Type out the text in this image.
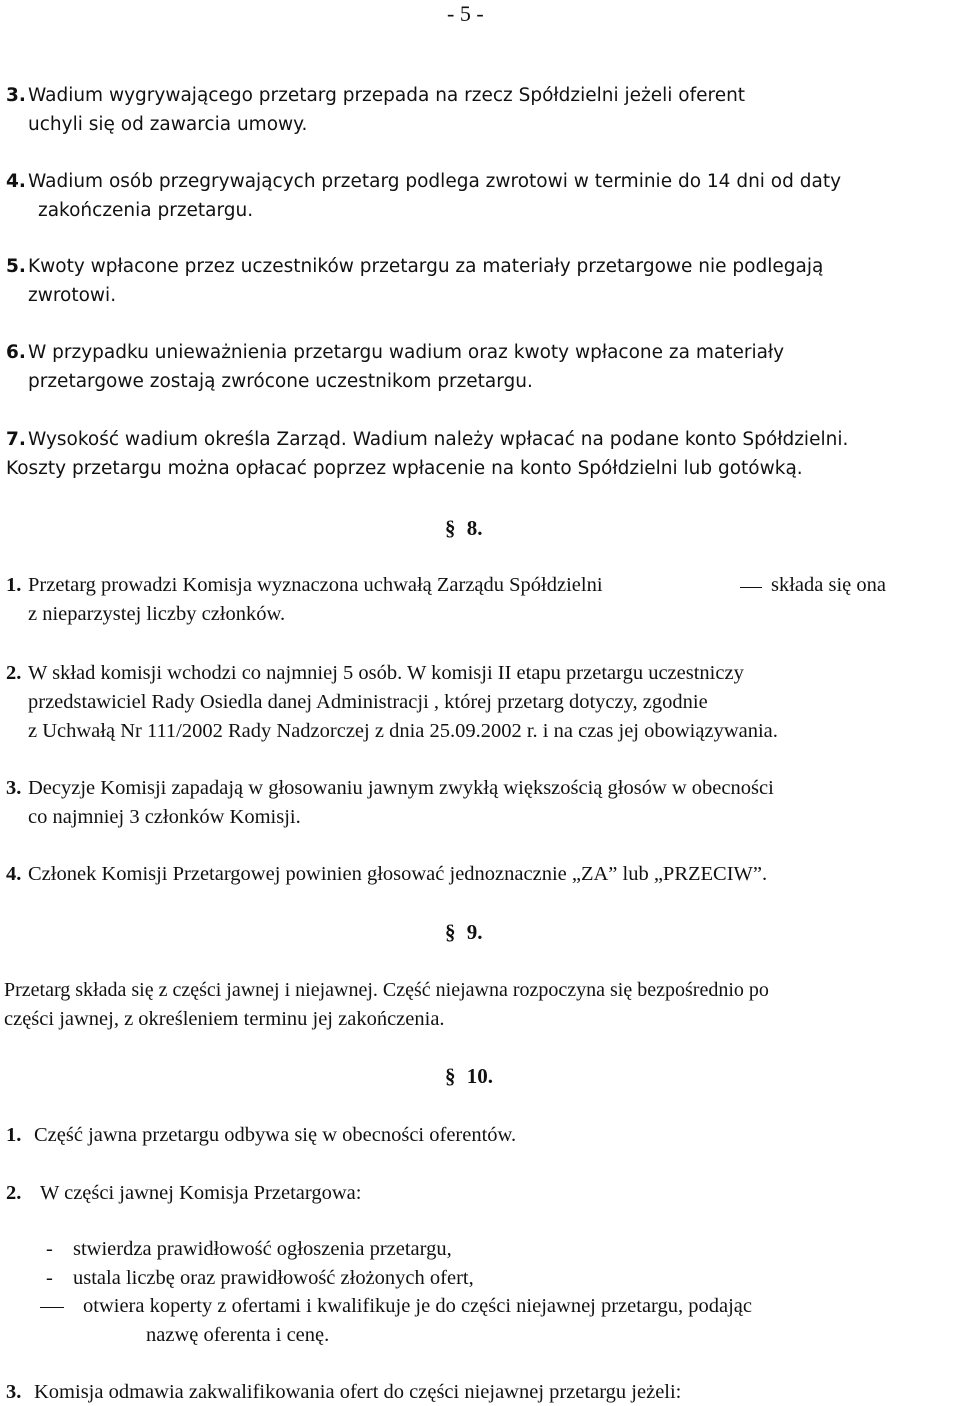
- 5 -
3. Wadium wygrywającego przetarg przepada na rzecz Spółdzielni jeżeli oferent
uchyli się od zawarcia umowy.
4. Wadium osób przegrywających przetarg podlega zwrotowi w terminie do 14 dni od daty
zakończenia przetargu.
5. Kwoty wpłacone przez uczestników przetargu za materiały przetargowe nie podlegają
zwrotowi.
6. W przypadku unieważnienia przetargu wadium oraz kwoty wpłacone za materiały
przetargowe zostają zwrócone uczestnikom przetargu.
7. Wysokość wadium określa Zarząd. Wadium należy wpłacać na podane konto Spółdzielni.
Koszty przetargu można opłacać poprzez wpłacenie na konto Spółdzielni lub gotówką.
§ 8.
1. Przetarg prowadzi Komisja wyznaczona uchwałą Zarządu Spółdzielni	składa się ona
z nieparzystej liczby członków.
2. W skład komisji wchodzi co najmniej 5 osób. W komisji II etapu przetargu uczestniczy
przedstawiciel Rady Osiedla danej Administracji , której przetarg dotyczy, zgodnie
z Uchwałą Nr 111/2002 Rady Nadzorczej z dnia 25.09.2002 r. i na czas jej obowiązywania.
3. Decyzje Komisji zapadają w głosowaniu jawnym zwykłą większością głosów w obecności
co najmniej 3 członków Komisji.
4. Członek Komisji Przetargowej powinien głosować jednoznacznie „ZA” lub „PRZECIW”.
§ 9.
Przetarg składa się z części jawnej i niejawnej. Część niejawna rozpoczyna się bezpośrednio po
części jawnej, z określeniem terminu jej zakończenia.
§ 10.
1. Część jawna przetargu odbywa się w obecności oferentów.
2. W części jawnej Komisja Przetargowa:
- stwierdza prawidłowość ogłoszenia przetargu,
- ustala liczbę oraz prawidłowość złożonych ofert,
otwiera koperty z ofertami i kwalifikuje je do części niejawnej przetargu, podając
nazwę oferenta i cenę.
3. Komisja odmawia zakwalifikowania ofert do części niejawnej przetargu jeżeli:
